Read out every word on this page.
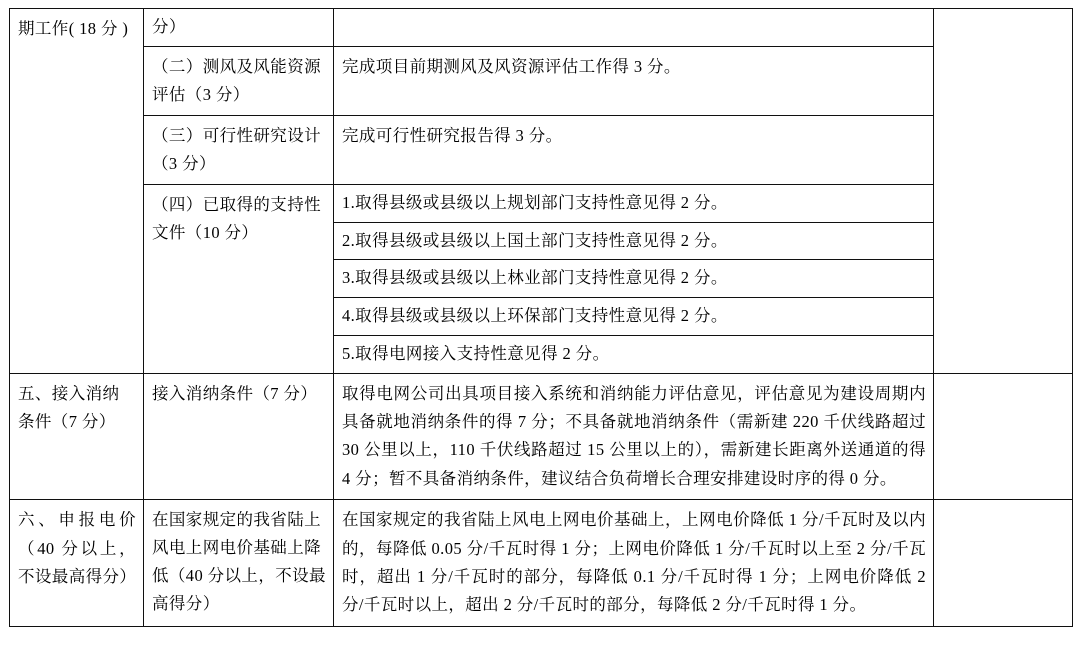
期工作( 18 分 )	分）		

	（二）测风及风能资源评估（3 分）	完成项目前期测风及风资源评估工作得 3 分。	

	（三）可行性研究设计（3 分）	完成可行性研究报告得 3 分。	

	（四）已取得的支持性文件（10 分）	1.取得县级或县级以上规划部门支持性意见得 2 分。	

		2.取得县级或县级以上国土部门支持性意见得 2 分。	

		3.取得县级或县级以上林业部门支持性意见得 2 分。	

		4.取得县级或县级以上环保部门支持性意见得 2 分。	

		5.取得电网接入支持性意见得 2 分。	

五、接入消纳条件（7 分）	接入消纳条件（7 分）	取得电网公司出具项目接入系统和消纳能力评估意见，评估意见为建设周期内具备就地消纳条件的得 7 分；不具备就地消纳条件（需新建 220 千伏线路超过 30 公里以上，110 千伏线路超过 15 公里以上的），需新建长距离外送通道的得 4 分；暂不具备消纳条件，建议结合负荷增长合理安排建设时序的得 0 分。	

六、申报电价（40 分以上，不设最高得分）	在国家规定的我省陆上风电上网电价基础上降低（40 分以上，不设最高得分）	在国家规定的我省陆上风电上网电价基础上，上网电价降低 1 分/千瓦时及以内的，每降低 0.05 分/千瓦时得 1 分；上网电价降低 1 分/千瓦时以上至 2 分/千瓦时，超出 1 分/千瓦时的部分，每降低 0.1 分/千瓦时得 1 分；上网电价降低 2 分/千瓦时以上，超出 2 分/千瓦时的部分，每降低 2 分/千瓦时得 1 分。	
